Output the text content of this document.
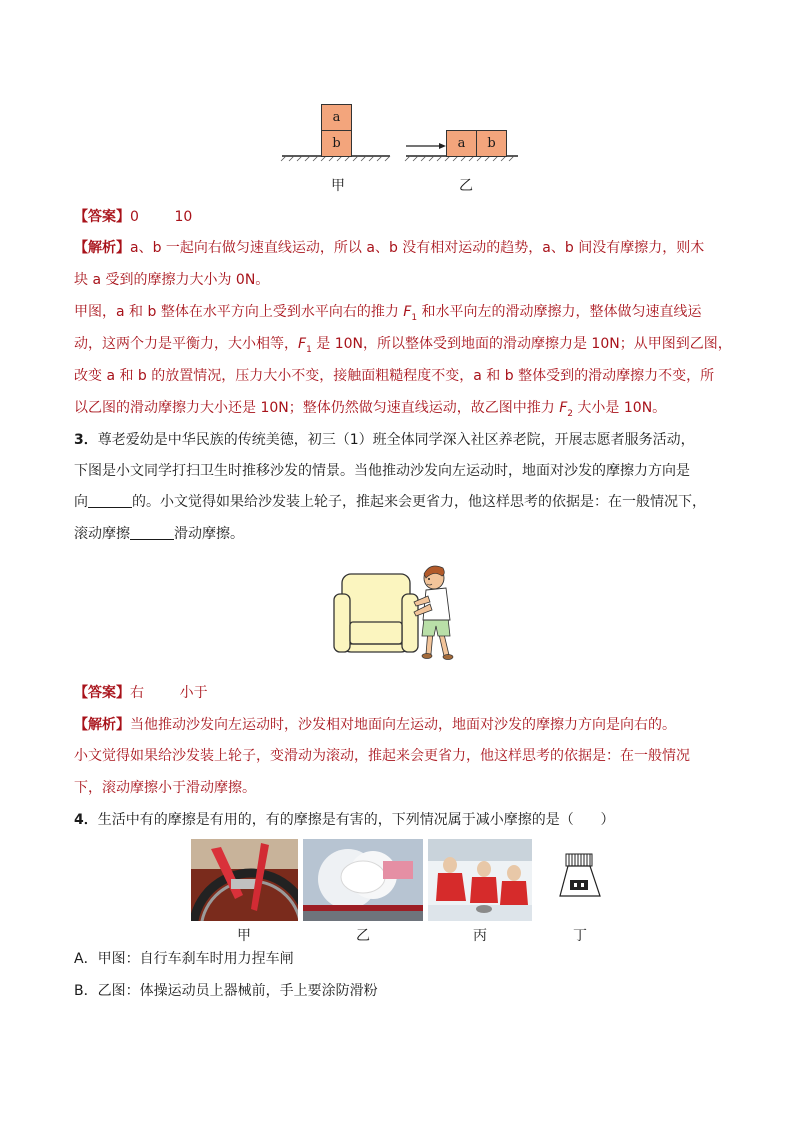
a
b	a	b
甲	乙
【答案】0        10
【解析】a、b 一起向右做匀速直线运动，所以 a、b 没有相对运动的趋势，a、b 间没有摩擦力，则木
块 a 受到的摩擦力大小为 0N。
甲图，a 和 b 整体在水平方向上受到水平向右的推力 $F_1$ 和水平向左的滑动摩擦力，整体做匀速直线运
动，这两个力是平衡力，大小相等，$F_1$ 是 10N，所以整体受到地面的滑动摩擦力是 10N；从甲图到乙图，
改变 a 和 b 的放置情况，压力大小不变，接触面粗糙程度不变，a 和 b 整体受到的滑动摩擦力不变，所
以乙图的滑动摩擦力大小还是 10N；整体仍然做匀速直线运动，故乙图中推力 $F_2$ 大小是 10N。
3．尊老爱幼是中华民族的传统美德，初三（1）班全体同学深入社区养老院，开展志愿者服务活动，
下图是小文同学打扫卫生时推移沙发的情景。当他推动沙发向左运动时，地面对沙发的摩擦力方向是
向	的。小文觉得如果给沙发装上轮子，推起来会更省力，他这样思考的依据是：在一般情况下，
滚动摩擦	滑动摩擦。
【答案】右        小于
【解析】当他推动沙发向左运动时，沙发相对地面向左运动，地面对沙发的摩擦力方向是向右的。
小文觉得如果给沙发装上轮子，变滑动为滚动，推起来会更省力，他这样思考的依据是：在一般情况
下，滚动摩擦小于滑动摩擦。
4．生活中有的摩擦是有用的，有的摩擦是有害的，下列情况属于减小摩擦的是（      ）
甲	乙	丙	丁
A．甲图：自行车刹车时用力捏车闸
B．乙图：体操运动员上器械前，手上要涂防滑粉
